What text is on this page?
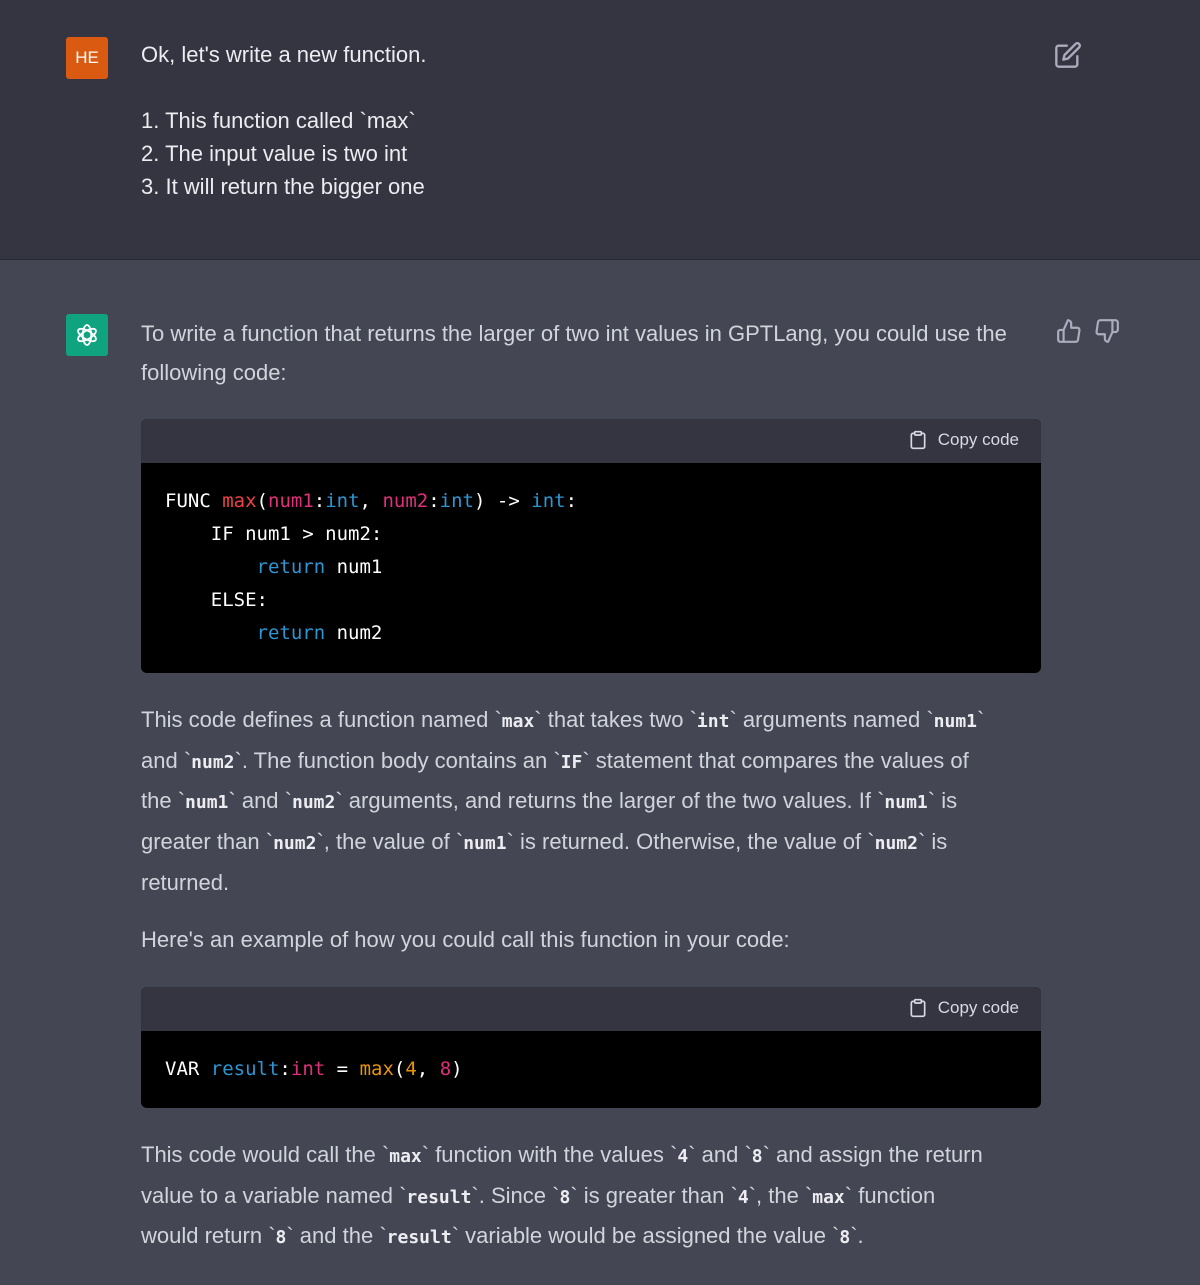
HE	Ok, let's write a new function.
1. This function called `max`
2. The input value is two int
3. It will return the bigger one

To write a function that returns the larger of two int values in GPTLang, you could use the
following code:

Copy code
FUNC max(num1:int, num2:int) -> int:
IF num1 > num2:
return num1
ELSE:
return num2

This code defines a function named `max` that takes two `int` arguments named `num1`
and `num2`. The function body contains an `IF` statement that compares the values of
the `num1` and `num2` arguments, and returns the larger of the two values. If `num1` is
greater than `num2`, the value of `num1` is returned. Otherwise, the value of `num2` is
returned.

Here's an example of how you could call this function in your code:

Copy code
VAR result:int = max(4, 8)

This code would call the `max` function with the values `4` and `8` and assign the return
value to a variable named `result`. Since `8` is greater than `4`, the `max` function
would return `8` and the `result` variable would be assigned the value `8`.
